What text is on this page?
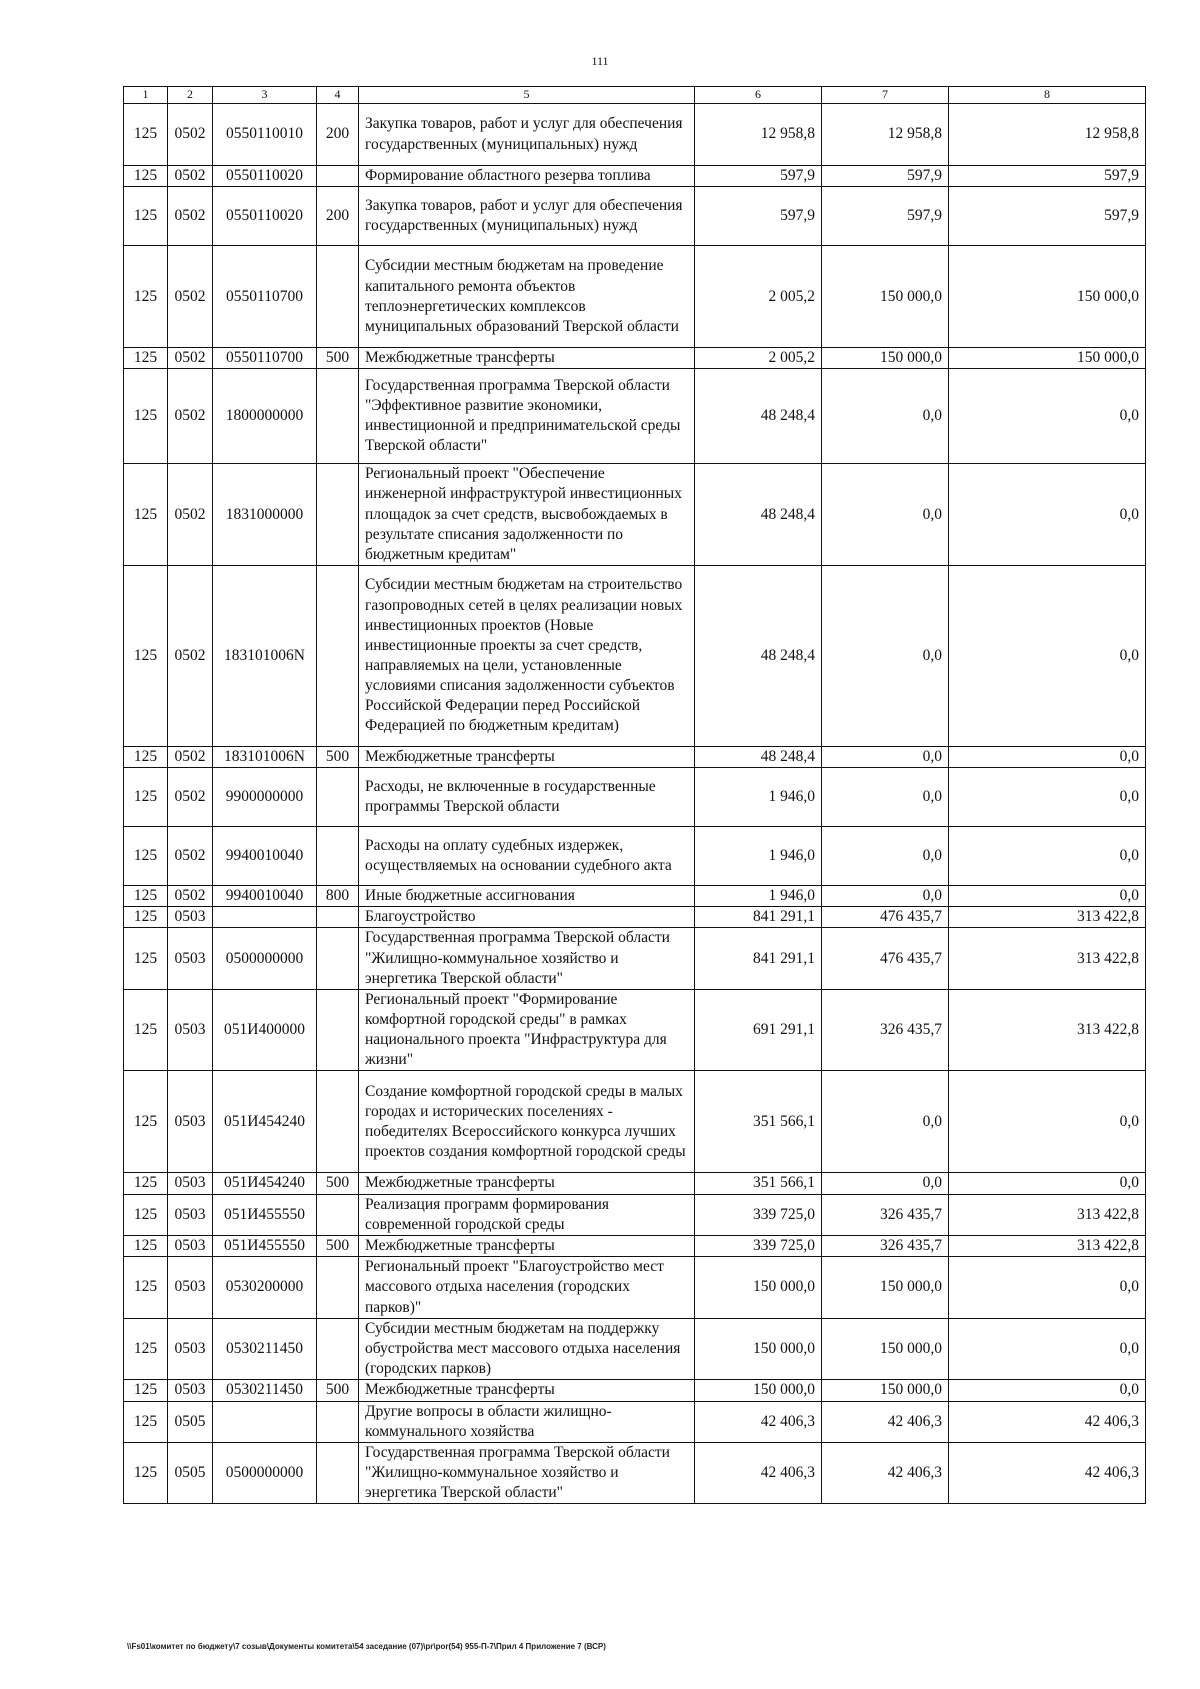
111
1	2	3	4	5	6	7	8
125	0502	0550110010	200	Закупка товаров, работ и услуг для обеспечения государственных (муниципальных) нужд	12 958,8	12 958,8	12 958,8
125	0502	0550110020		Формирование областного резерва топлива	597,9	597,9	597,9
125	0502	0550110020	200	Закупка товаров, работ и услуг для обеспечения государственных (муниципальных) нужд	597,9	597,9	597,9
125	0502	0550110700		Субсидии местным бюджетам на проведение капитального ремонта объектов теплоэнергетических комплексов муниципальных образований Тверской области	2 005,2	150 000,0	150 000,0
125	0502	0550110700	500	Межбюджетные трансферты	2 005,2	150 000,0	150 000,0
125	0502	1800000000		Государственная программа Тверской области "Эффективное развитие экономики, инвестиционной и предпринимательской среды Тверской области"	48 248,4	0,0	0,0
125	0502	1831000000		Региональный проект "Обеспечение инженерной инфраструктурой инвестиционных площадок за счет средств, высвобождаемых в результате списания задолженности по бюджетным кредитам"	48 248,4	0,0	0,0
125	0502	183101006N		Субсидии местным бюджетам на строительство газопроводных сетей в целях реализации новых инвестиционных проектов (Новые инвестиционные проекты за счет средств, направляемых на цели, установленные условиями списания задолженности субъектов Российской Федерации перед Российской Федерацией по бюджетным кредитам)	48 248,4	0,0	0,0
125	0502	183101006N	500	Межбюджетные трансферты	48 248,4	0,0	0,0
125	0502	9900000000		Расходы, не включенные в государственные программы Тверской области	1 946,0	0,0	0,0
125	0502	9940010040		Расходы на оплату судебных издержек, осуществляемых на основании судебного акта	1 946,0	0,0	0,0
125	0502	9940010040	800	Иные бюджетные ассигнования	1 946,0	0,0	0,0
125	0503			Благоустройство	841 291,1	476 435,7	313 422,8
125	0503	0500000000		Государственная программа Тверской области "Жилищно-коммунальное хозяйство и энергетика Тверской области"	841 291,1	476 435,7	313 422,8
125	0503	051И400000		Региональный проект "Формирование комфортной городской среды" в рамках национального проекта "Инфраструктура для жизни"	691 291,1	326 435,7	313 422,8
125	0503	051И454240		Создание комфортной городской среды в малых городах и исторических поселениях - победителях Всероссийского конкурса лучших проектов создания комфортной городской среды	351 566,1	0,0	0,0
125	0503	051И454240	500	Межбюджетные трансферты	351 566,1	0,0	0,0
125	0503	051И455550		Реализация программ формирования современной городской среды	339 725,0	326 435,7	313 422,8
125	0503	051И455550	500	Межбюджетные трансферты	339 725,0	326 435,7	313 422,8
125	0503	0530200000		Региональный проект "Благоустройство мест массового отдыха населения (городских парков)"	150 000,0	150 000,0	0,0
125	0503	0530211450		Субсидии местным бюджетам на поддержку обустройства мест массового отдыха населения (городских парков)	150 000,0	150 000,0	0,0
125	0503	0530211450	500	Межбюджетные трансферты	150 000,0	150 000,0	0,0
125	0505			Другие вопросы в области жилищно-коммунального хозяйства	42 406,3	42 406,3	42 406,3
125	0505	0500000000		Государственная программа Тверской области "Жилищно-коммунальное хозяйство и энергетика Тверской области"	42 406,3	42 406,3	42 406,3
\\Fs01\комитет по бюджету\7 созыв\Документы комитета\54 заседание (07)\pr\por(54) 955-П-7\Прил 4 Приложение 7 (ВСР)
